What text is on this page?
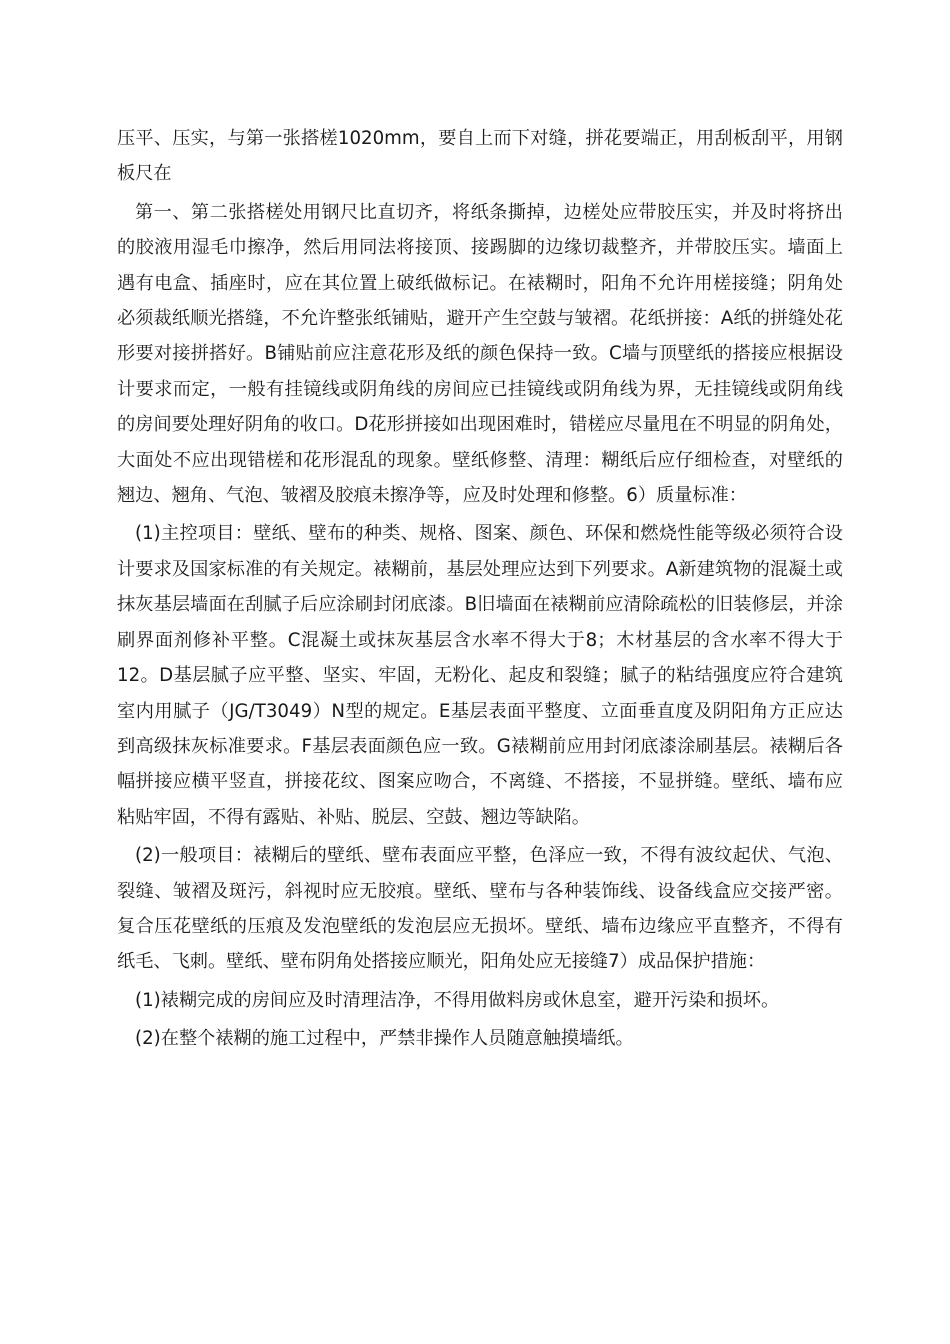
压平、压实，与第一张搭槎1020mm，要自上而下对缝，拼花要端正，用刮板刮平，用钢板尺在

第一、第二张搭槎处用钢尺比直切齐，将纸条撕掉，边槎处应带胶压实，并及时将挤出的胶液用湿毛巾擦净，然后用同法将接顶、接踢脚的边缘切裁整齐，并带胶压实。墙面上遇有电盒、插座时，应在其位置上破纸做标记。在裱糊时，阳角不允许用槎接缝；阴角处必须裁纸顺光搭缝，不允许整张纸铺贴，避开产生空鼓与皱褶。花纸拼接：A纸的拼缝处花形要对接拼搭好。B铺贴前应注意花形及纸的颜色保持一致。C墙与顶壁纸的搭接应根据设计要求而定，一般有挂镜线或阴角线的房间应已挂镜线或阴角线为界，无挂镜线或阴角线的房间要处理好阴角的收口。D花形拼接如出现困难时，错槎应尽量甩在不明显的阴角处，大面处不应出现错槎和花形混乱的现象。壁纸修整、清理：糊纸后应仔细检查，对壁纸的翘边、翘角、气泡、皱褶及胶痕未擦净等，应及时处理和修整。6）质量标准：

(1)主控项目：壁纸、壁布的种类、规格、图案、颜色、环保和燃烧性能等级必须符合设计要求及国家标准的有关规定。裱糊前，基层处理应达到下列要求。A新建筑物的混凝土或抹灰基层墙面在刮腻子后应涂刷封闭底漆。B旧墙面在裱糊前应清除疏松的旧装修层，并涂刷界面剂修补平整。C混凝土或抹灰基层含水率不得大于8；木材基层的含水率不得大于12。D基层腻子应平整、坚实、牢固，无粉化、起皮和裂缝；腻子的粘结强度应符合建筑室内用腻子（JG/T3049）N型的规定。E基层表面平整度、立面垂直度及阴阳角方正应达到高级抹灰标准要求。F基层表面颜色应一致。G裱糊前应用封闭底漆涂刷基层。裱糊后各幅拼接应横平竖直，拼接花纹、图案应吻合，不离缝、不搭接，不显拼缝。壁纸、墙布应粘贴牢固，不得有露贴、补贴、脱层、空鼓、翘边等缺陷。

(2)一般项目：裱糊后的壁纸、壁布表面应平整，色泽应一致，不得有波纹起伏、气泡、裂缝、皱褶及斑污，斜视时应无胶痕。壁纸、壁布与各种装饰线、设备线盒应交接严密。复合压花壁纸的压痕及发泡壁纸的发泡层应无损坏。壁纸、墙布边缘应平直整齐，不得有纸毛、飞刺。壁纸、壁布阴角处搭接应顺光，阳角处应无接缝7）成品保护措施：

(1)裱糊完成的房间应及时清理洁净，不得用做料房或休息室，避开污染和损坏。

(2)在整个裱糊的施工过程中，严禁非操作人员随意触摸墙纸。
